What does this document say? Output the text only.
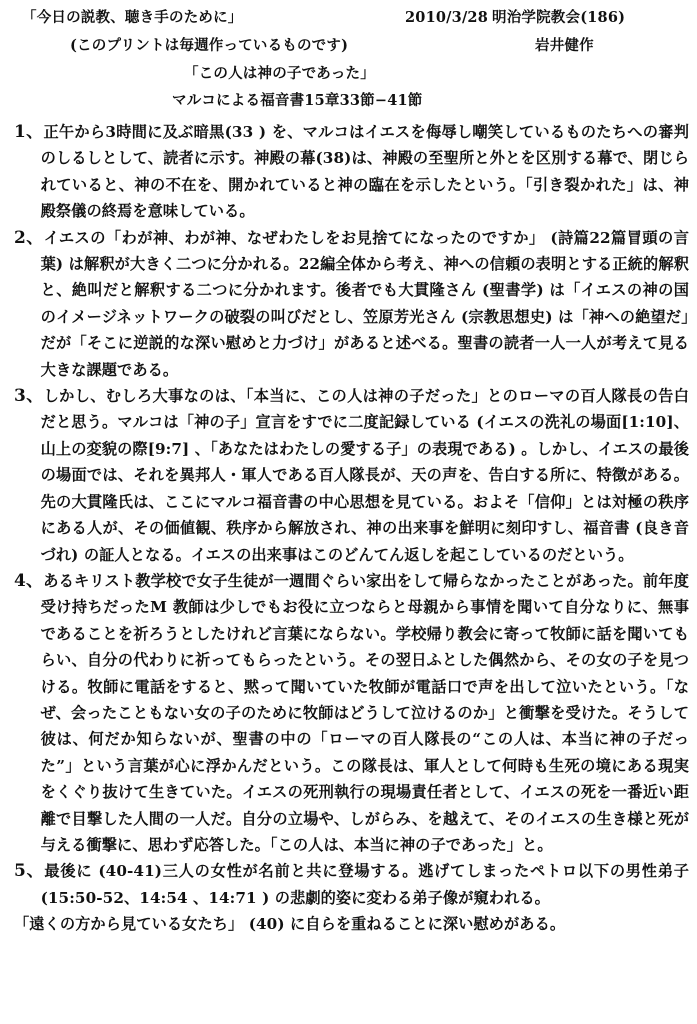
「今日の説教、聴き手のために」	2010/3/28 明治学院教会(186)
(このプリントは毎週作っているものです)	岩井健作
「この人は神の子であった」
マルコによる福音書15章33節−41節

1、正午から3時間に及ぶ暗黒(33 ) を、マルコはイエスを侮辱し嘲笑しているものたちへの審判のしるしとして、読者に示す。神殿の幕(38)は、神殿の至聖所と外とを区別する幕で、閉じられていると、神の不在を、開かれていると神の臨在を示したという。「引き裂かれた」は、神殿祭儀の終焉を意味している。

2、イエスの「わが神、わが神、なぜわたしをお見捨てになったのですか」 (詩篇22篇冒頭の言葉) は解釈が大きく二つに分かれる。22編全体から考え、神への信頼の表明とする正統的解釈と、絶叫だと解釈する二つに分かれます。後者でも大貫隆さん (聖書学) は「イエスの神の国のイメージネットワークの破裂の叫びだとし、笠原芳光さん (宗教思想史) は「神への絶望だ」だが「そこに逆説的な深い慰めと力づけ」があると述べる。聖書の読者一人一人が考えて見る大きな課題である。

3、しかし、むしろ大事なのは、「本当に、この人は神の子だった」とのローマの百人隊長の告白だと思う。マルコは「神の子」宣言をすでに二度記録している (イエスの洗礼の場面[1:10]、山上の変貌の際[9:7] 、「あなたはわたしの愛する子」の表現である) 。しかし、イエスの最後の場面では、それを異邦人・軍人である百人隊長が、天の声を、告白する所に、特徴がある。先の大貫隆氏は、ここにマルコ福音書の中心思想を見ている。およそ「信仰」とは対極の秩序にある人が、その価値観、秩序から解放され、神の出来事を鮮明に刻印すし、福音書 (良き音づれ) の証人となる。イエスの出来事はこのどんてん返しを起こしているのだという。

4、あるキリスト教学校で女子生徒が一週間ぐらい家出をして帰らなかったことがあった。前年度受け持ちだったM 教師は少しでもお役に立つならと母親から事情を聞いて自分なりに、無事であることを祈ろうとしたけれど言葉にならない。学校帰り教会に寄って牧師に話を聞いてもらい、自分の代わりに祈ってもらったという。その翌日ふとした偶然から、その女の子を見つける。牧師に電話をすると、黙って聞いていた牧師が電話口で声を出して泣いたという。「なぜ、会ったこともない女の子のために牧師はどうして泣けるのか」と衝撃を受けた。そうして彼は、何だか知らないが、聖書の中の「ローマの百人隊長の“この人は、本当に神の子だった”」という言葉が心に浮かんだという。この隊長は、軍人として何時も生死の境にある現実をくぐり抜けて生きていた。イエスの死刑執行の現場責任者として、イエスの死を一番近い距離で目撃した人間の一人だ。自分の立場や、しがらみ、を越えて、そのイエスの生き様と死が与える衝撃に、思わず応答した。「この人は、本当に神の子であった」と。

5、最後に (40-41)三人の女性が名前と共に登場する。逃げてしまったペトロ以下の男性弟子 (15:50-52、14:54 、14:71 ) の悲劇的姿に変わる弟子像が窺われる。
「遠くの方から見ている女たち」 (40) に自らを重ねることに深い慰めがある。
